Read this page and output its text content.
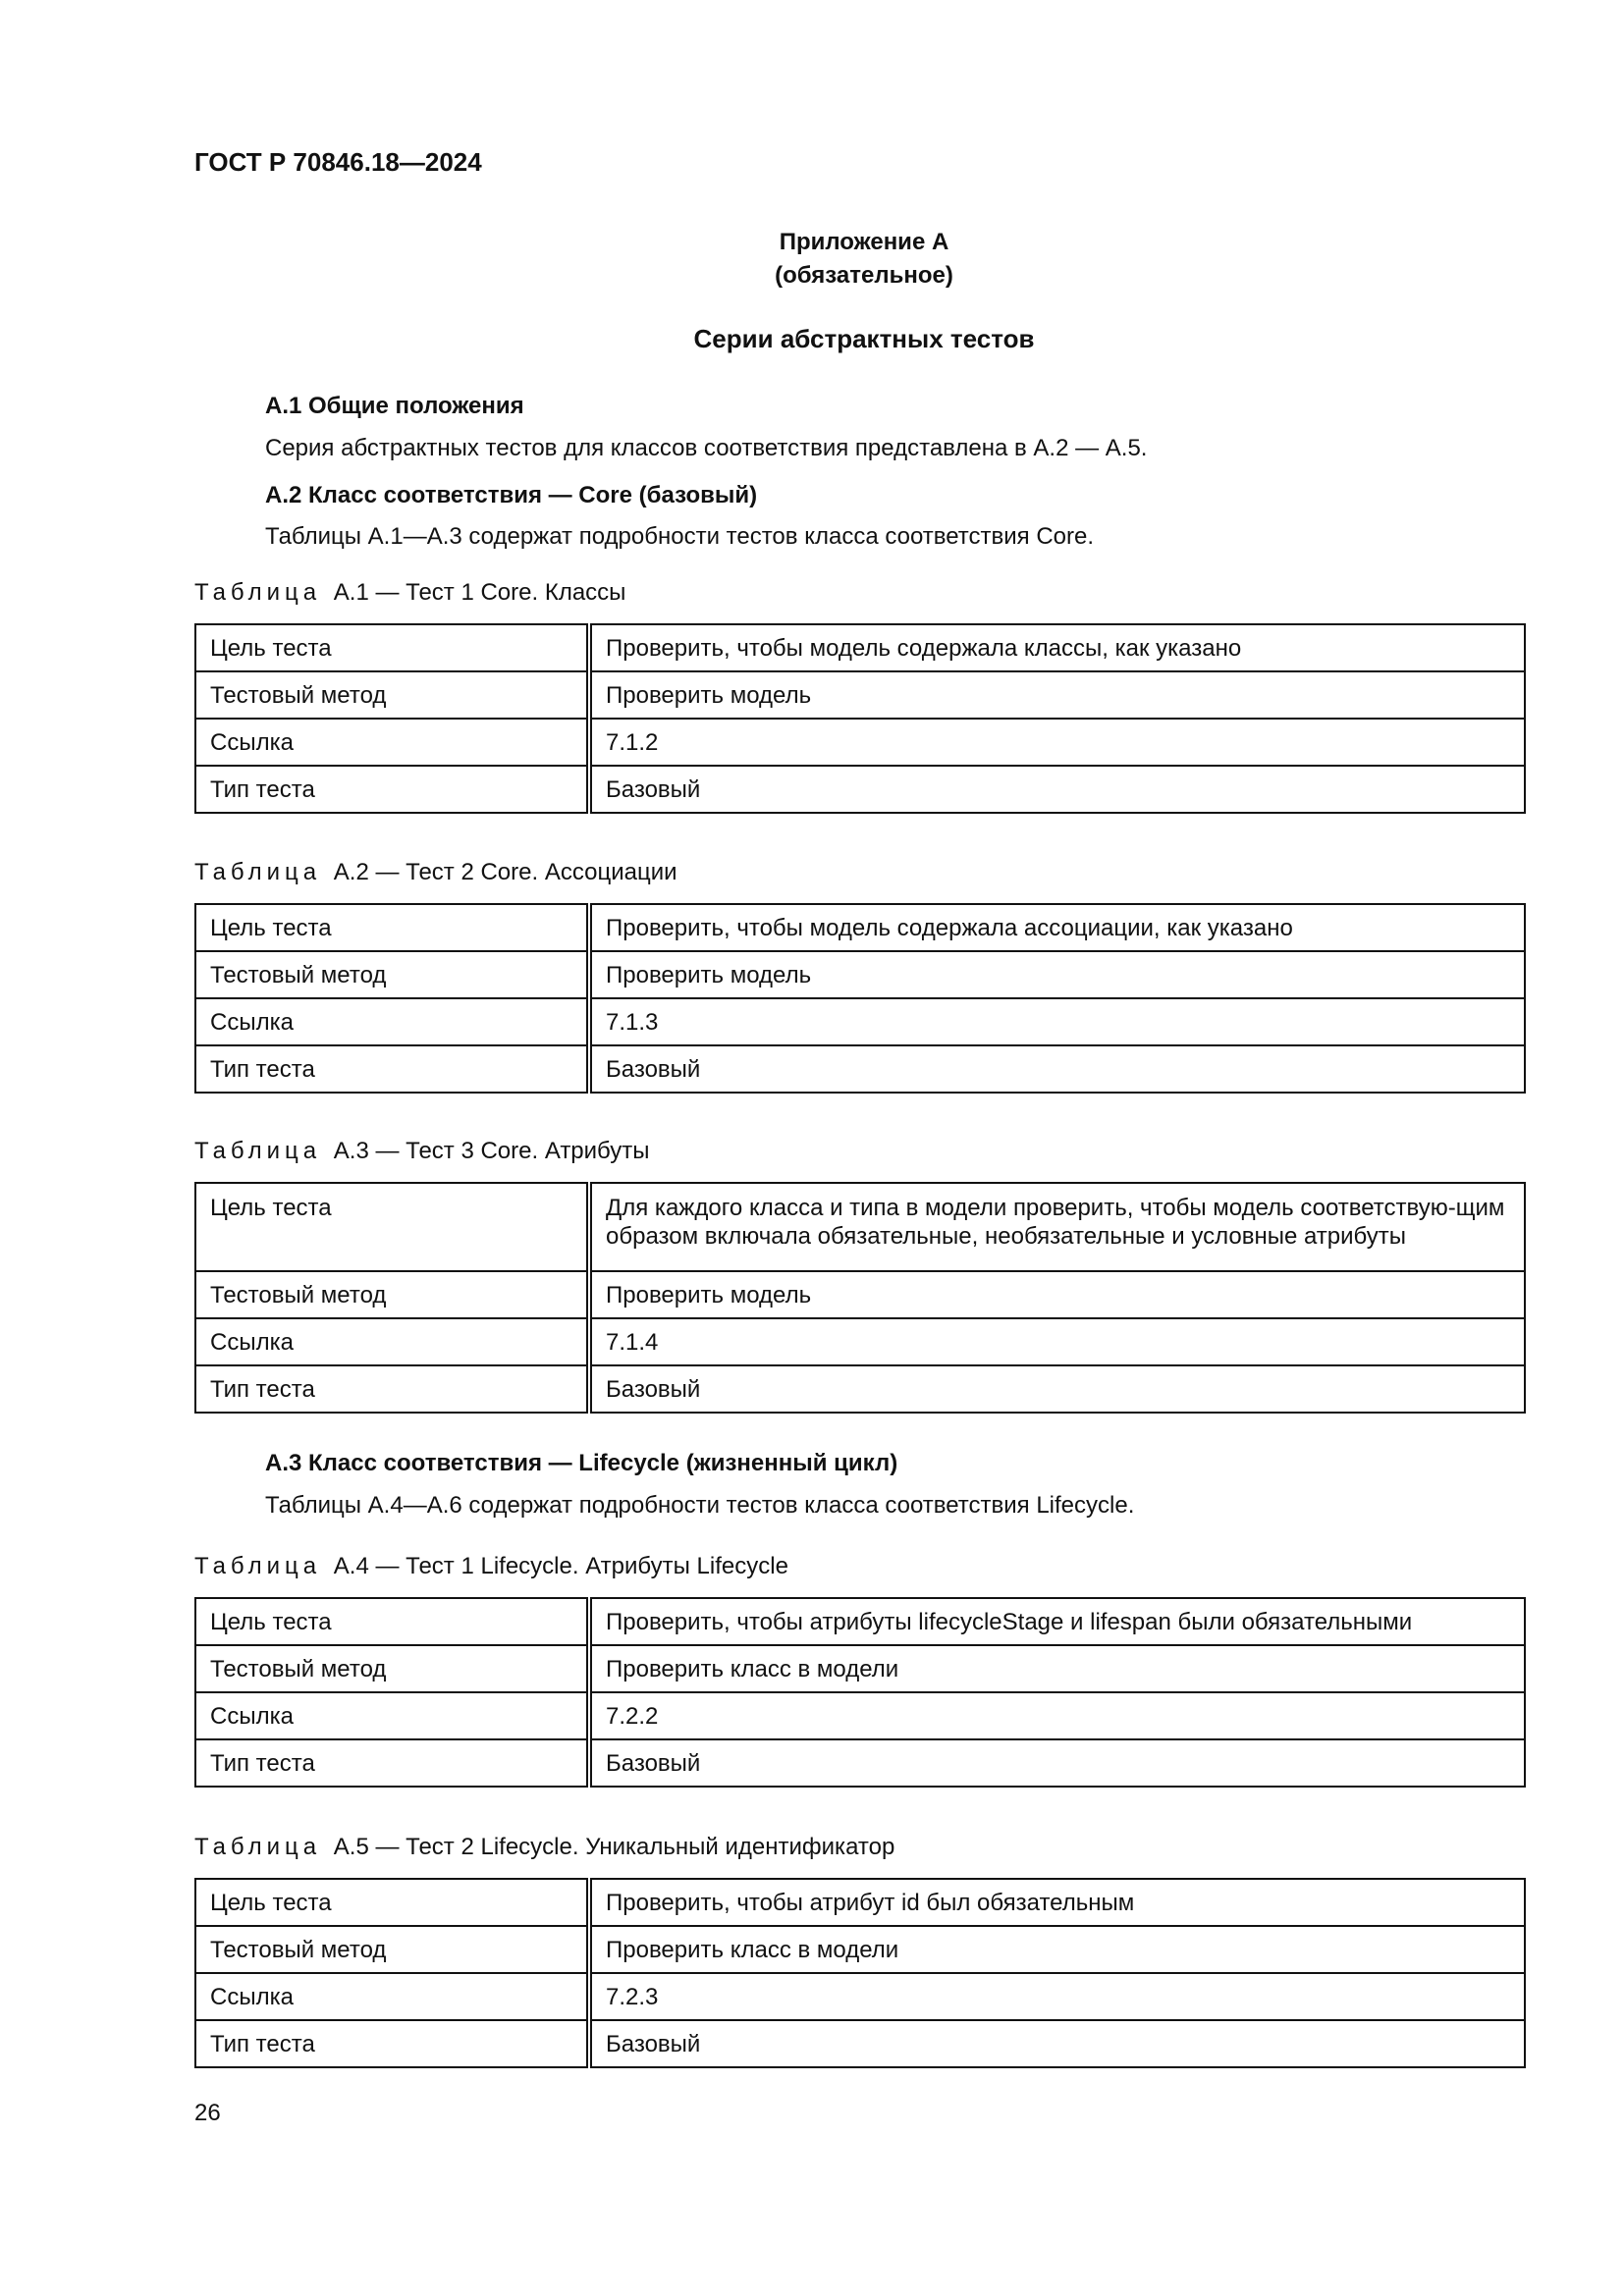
ГОСТ Р 70846.18—2024
Приложение А
(обязательное)
Серии абстрактных тестов
А.1 Общие положения
Серия абстрактных тестов для классов соответствия представлена в А.2 — А.5.
А.2 Класс соответствия — Core (базовый)
Таблицы А.1—А.3 содержат подробности тестов класса соответствия Core.
Таблица А.1 — Тест 1 Core. Классы
Цель теста	Проверить, чтобы модель содержала классы, как указано
Тестовый метод	Проверить модель
Ссылка	7.1.2
Тип теста	Базовый
Таблица А.2 — Тест 2 Core. Ассоциации
Цель теста	Проверить, чтобы модель содержала ассоциации, как указано
Тестовый метод	Проверить модель
Ссылка	7.1.3
Тип теста	Базовый
Таблица А.3 — Тест 3 Core. Атрибуты
Цель теста	Для каждого класса и типа в модели проверить, чтобы модель соответствую-щим образом включала обязательные, необязательные и условные атрибуты
Тестовый метод	Проверить модель
Ссылка	7.1.4
Тип теста	Базовый
А.3 Класс соответствия — Lifecycle (жизненный цикл)
Таблицы А.4—А.6 содержат подробности тестов класса соответствия Lifecycle.
Таблица А.4 — Тест 1 Lifecycle. Атрибуты Lifecycle
Цель теста	Проверить, чтобы атрибуты lifecycleStage и lifespan были обязательными
Тестовый метод	Проверить класс в модели
Ссылка	7.2.2
Тип теста	Базовый
Таблица А.5 — Тест 2 Lifecycle. Уникальный идентификатор
Цель теста	Проверить, чтобы атрибут id был обязательным
Тестовый метод	Проверить класс в модели
Ссылка	7.2.3
Тип теста	Базовый
26
